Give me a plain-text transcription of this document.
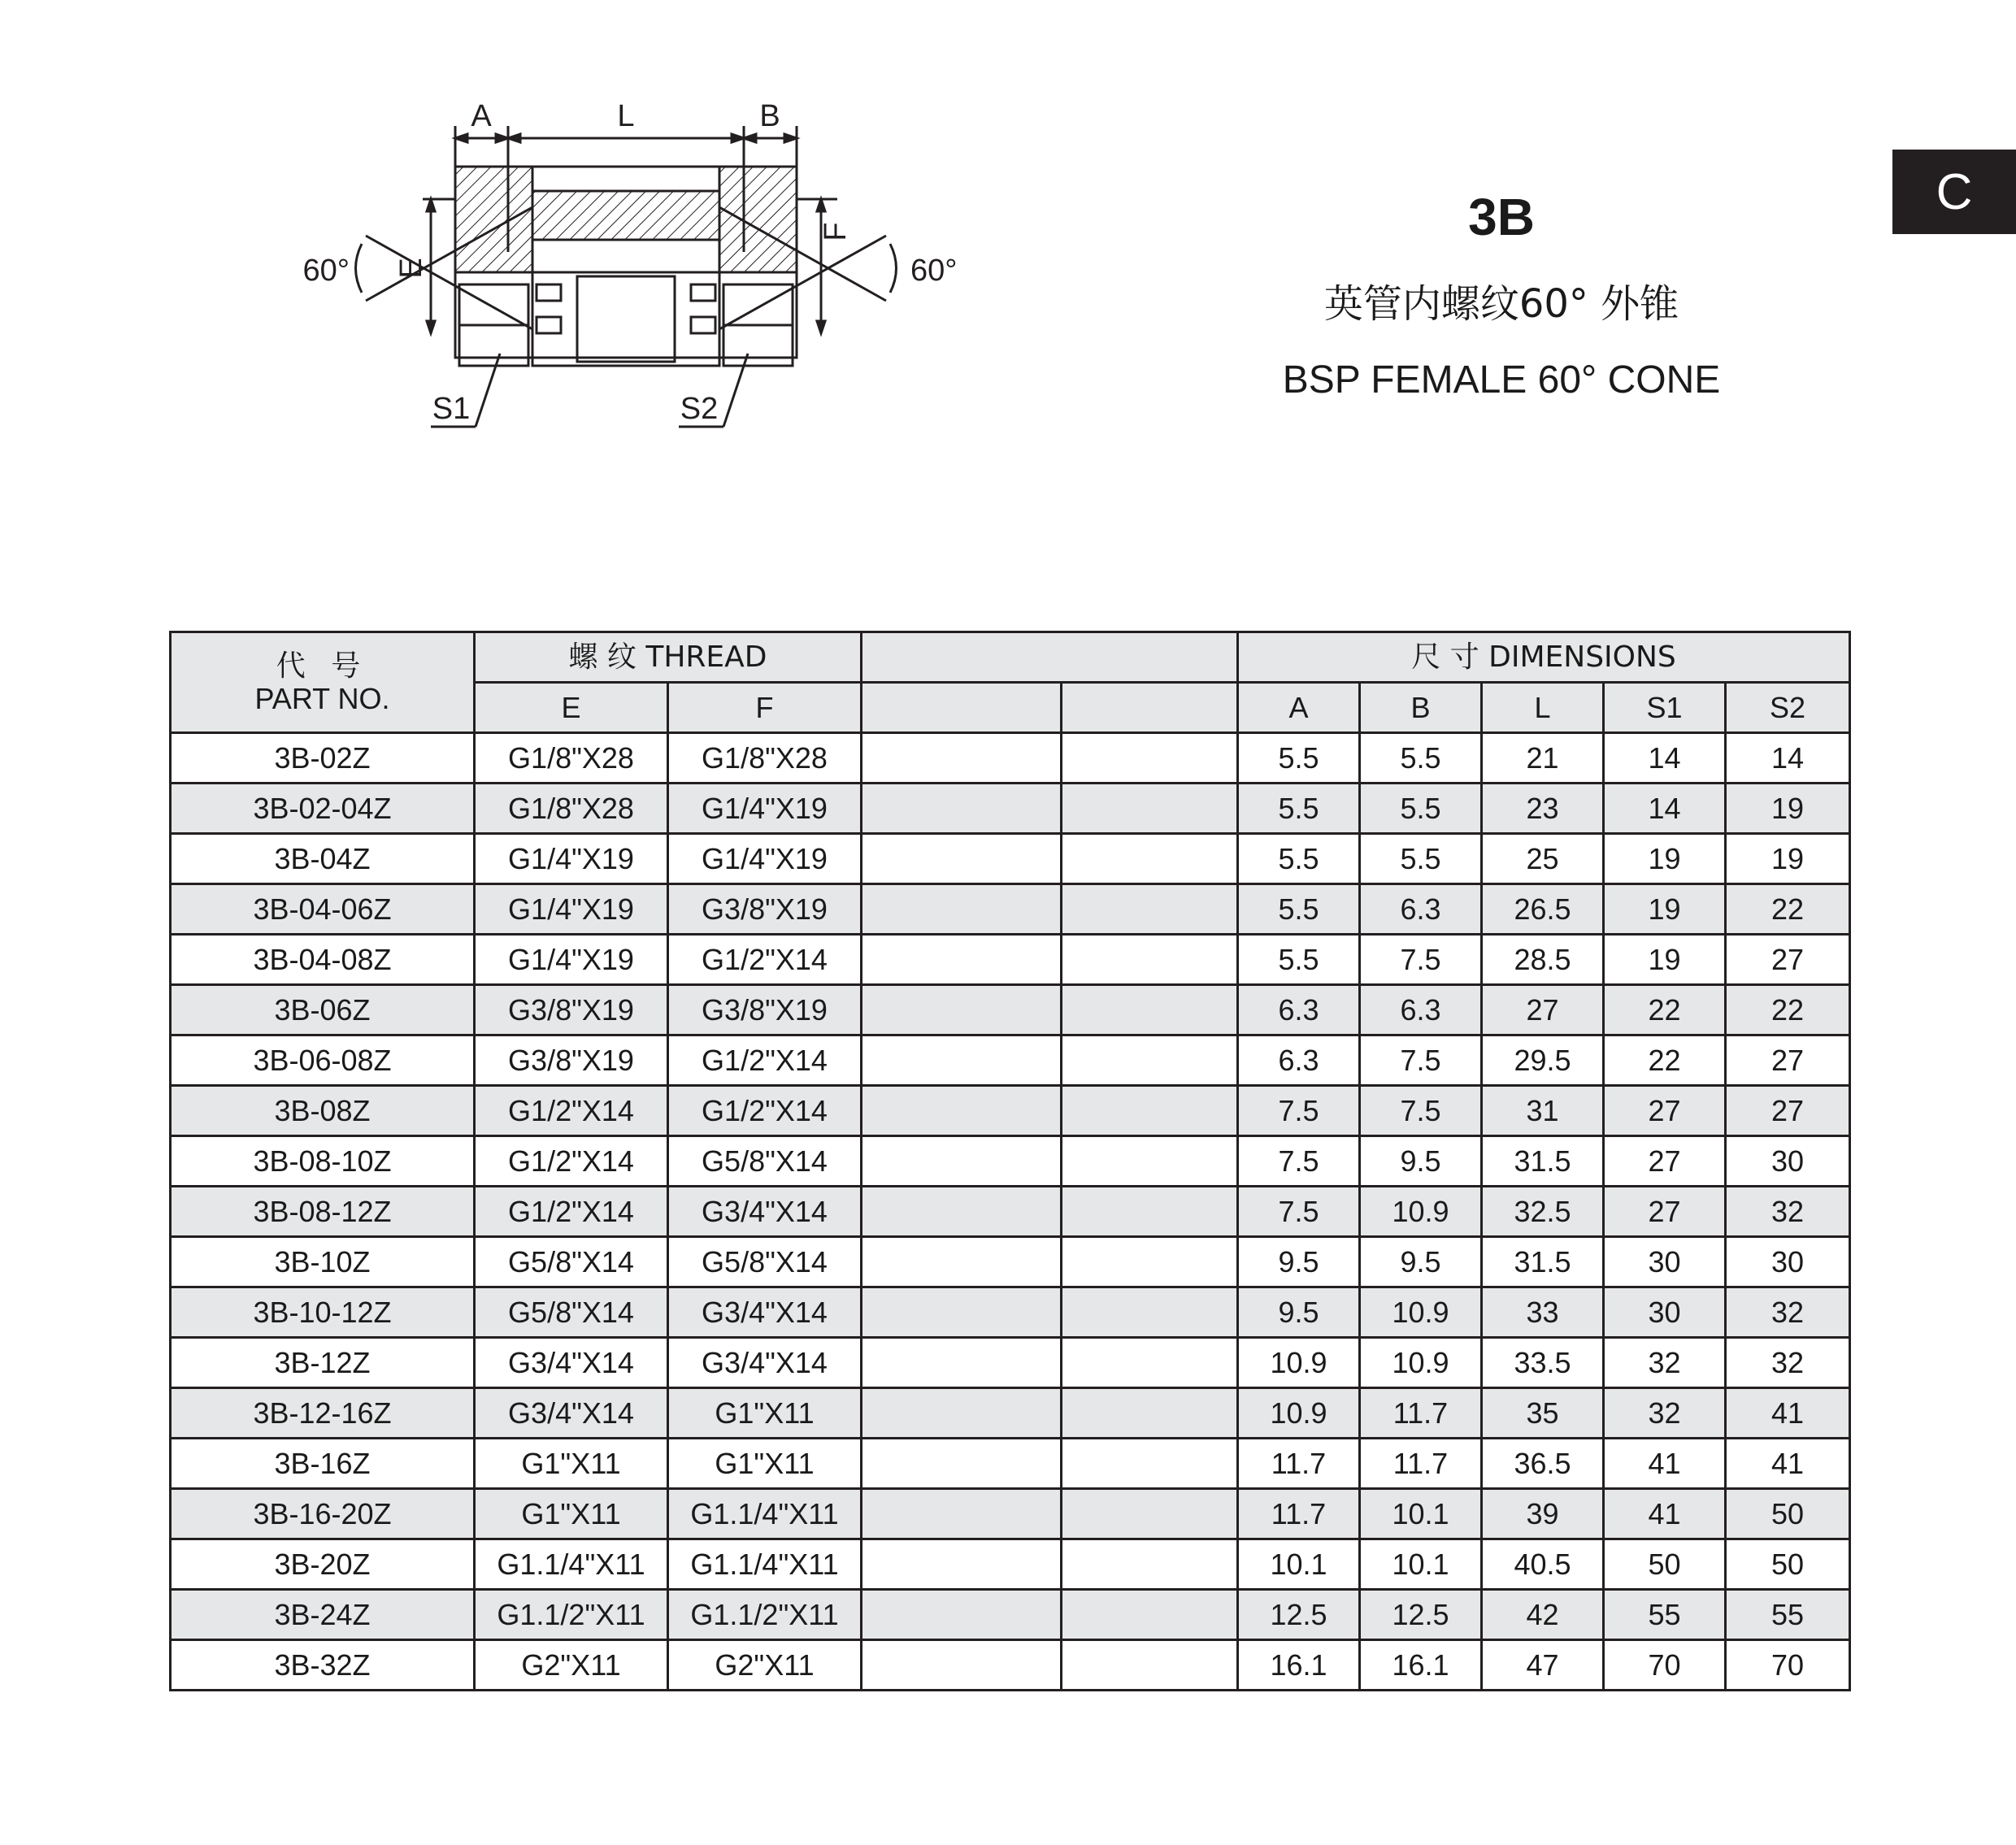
C
A	L	B
E
F
60°	60°
S1	S2
3B
英管内螺纹60° 外锥
BSP FEMALE 60° CONE
代 号
PART NO.	螺 纹 THREAD				尺 寸 DIMENSIONS				
	E	F			A	B	L	S1	S2
3B-02Z	G1/8"X28	G1/8"X28			5.5	5.5	21	14	14
3B-02-04Z	G1/8"X28	G1/4"X19			5.5	5.5	23	14	19
3B-04Z	G1/4"X19	G1/4"X19			5.5	5.5	25	19	19
3B-04-06Z	G1/4"X19	G3/8"X19			5.5	6.3	26.5	19	22
3B-04-08Z	G1/4"X19	G1/2"X14			5.5	7.5	28.5	19	27
3B-06Z	G3/8"X19	G3/8"X19			6.3	6.3	27	22	22
3B-06-08Z	G3/8"X19	G1/2"X14			6.3	7.5	29.5	22	27
3B-08Z	G1/2"X14	G1/2"X14			7.5	7.5	31	27	27
3B-08-10Z	G1/2"X14	G5/8"X14			7.5	9.5	31.5	27	30
3B-08-12Z	G1/2"X14	G3/4"X14			7.5	10.9	32.5	27	32
3B-10Z	G5/8"X14	G5/8"X14			9.5	9.5	31.5	30	30
3B-10-12Z	G5/8"X14	G3/4"X14			9.5	10.9	33	30	32
3B-12Z	G3/4"X14	G3/4"X14			10.9	10.9	33.5	32	32
3B-12-16Z	G3/4"X14	G1"X11			10.9	11.7	35	32	41
3B-16Z	G1"X11	G1"X11			11.7	11.7	36.5	41	41
3B-16-20Z	G1"X11	G1.1/4"X11			11.7	10.1	39	41	50
3B-20Z	G1.1/4"X11	G1.1/4"X11			10.1	10.1	40.5	50	50
3B-24Z	G1.1/2"X11	G1.1/2"X11			12.5	12.5	42	55	55
3B-32Z	G2"X11	G2"X11			16.1	16.1	47	70	70
